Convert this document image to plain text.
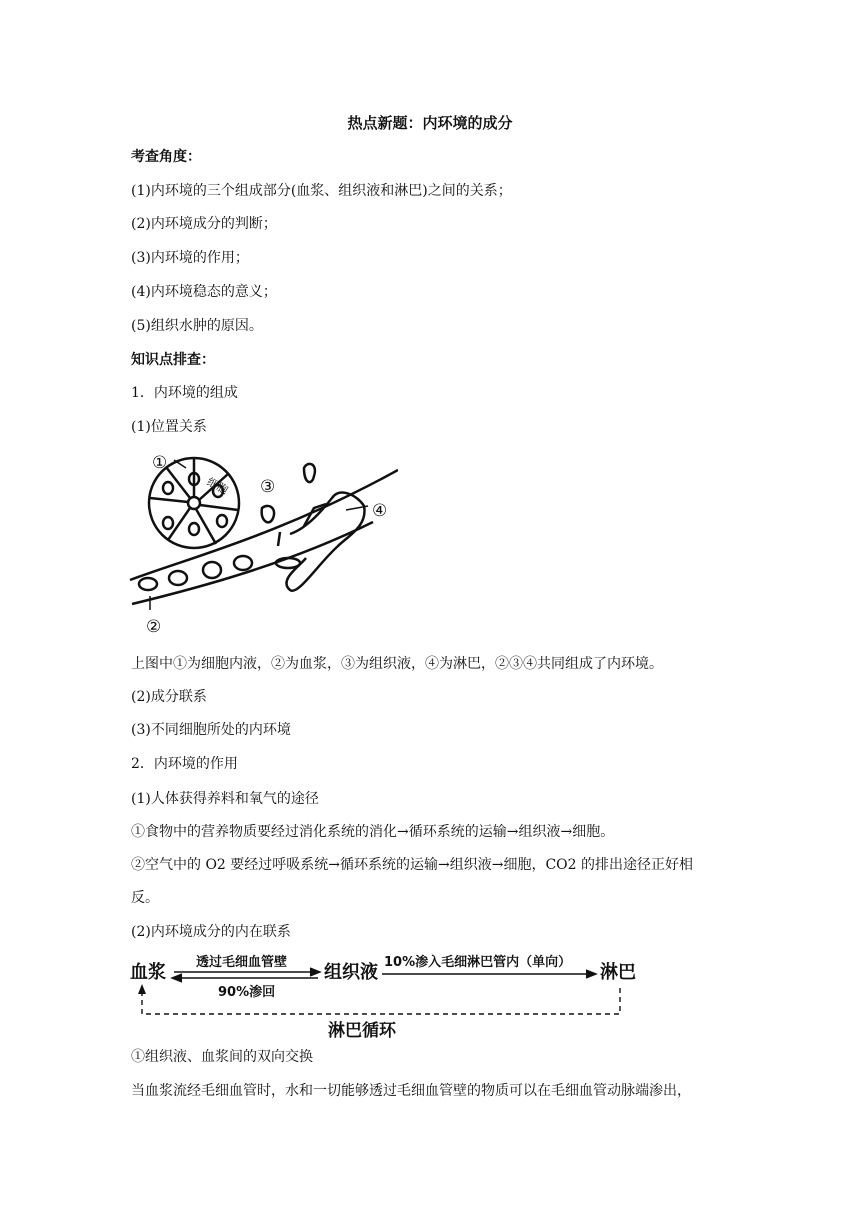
热点新题：内环境的成分
考查角度：
(1)内环境的三个组成部分(血浆、组织液和淋巴)之间的关系；
(2)内环境成分的判断；
(3)内环境的作用；
(4)内环境稳态的意义；
(5)组织水肿的原因。
知识点排查：
1．内环境的组成
(1)位置关系
①
②
③
④
细胞
上图中①为细胞内液，②为血浆，③为组织液，④为淋巴，②③④共同组成了内环境。
(2)成分联系
(3)不同细胞所处的内环境
2．内环境的作用
(1)人体获得养料和氧气的途径
①食物中的营养物质要经过消化系统的消化→循环系统的运输→组织液→细胞。
②空气中的 O2 要经过呼吸系统→循环系统的运输→组织液→细胞，CO2 的排出途径正好相
反。
(2)内环境成分的内在联系
血浆	组织液	淋巴
透过毛细血管壁
90%渗回
10%渗入毛细淋巴管内（单向）
淋巴循环
①组织液、血浆间的双向交换
当血浆流经毛细血管时，水和一切能够透过毛细血管壁的物质可以在毛细血管动脉端渗出，
